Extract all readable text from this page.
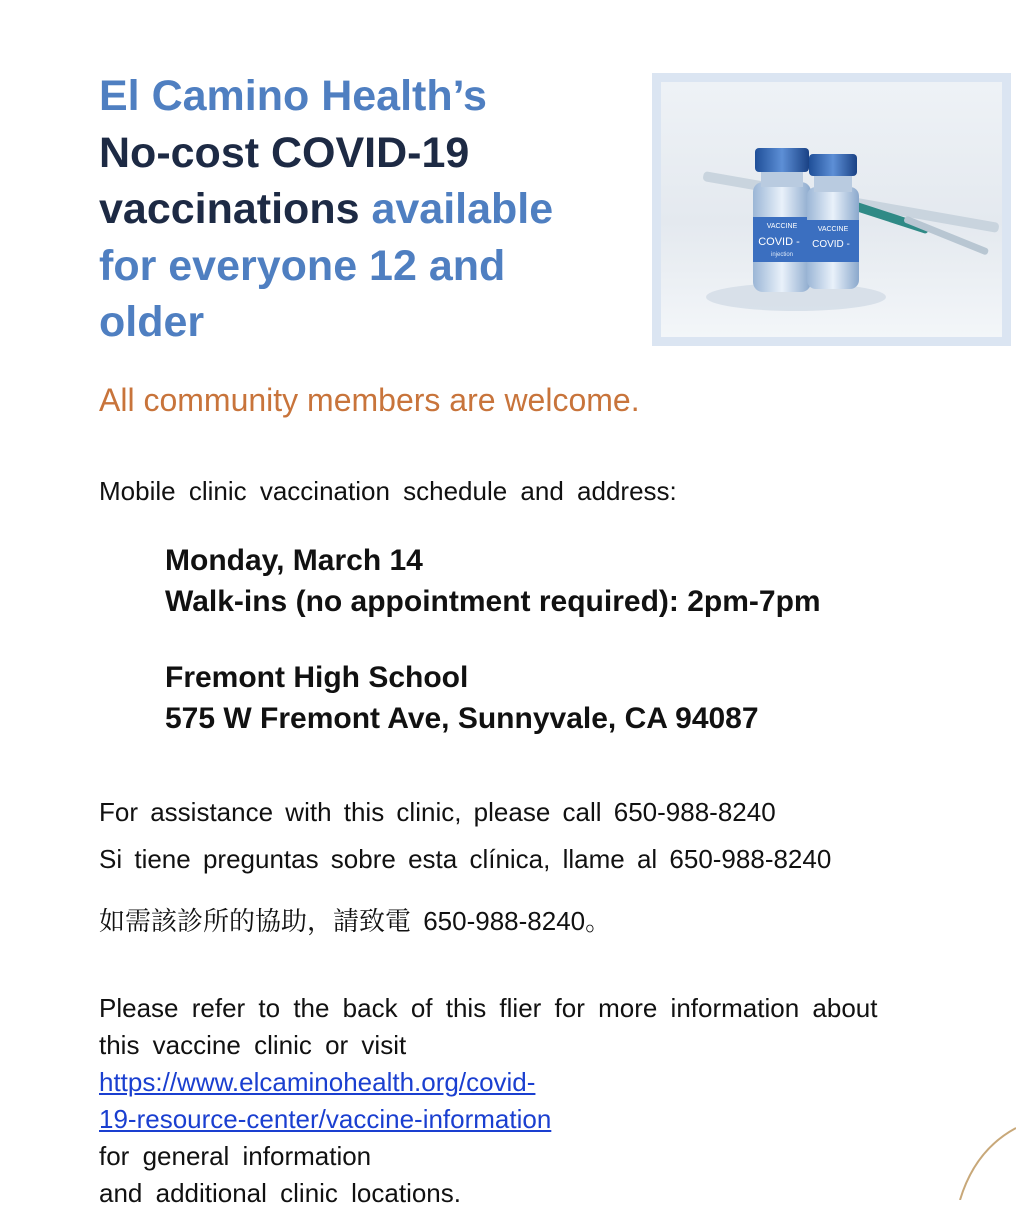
El Camino Health’s
No-cost COVID-19
vaccinations available
for everyone 12 and
older
VACCINE
COVID -
injection
VACCINE
COVID -
All community members are welcome.
Mobile clinic vaccination schedule and address:
Monday, March 14
Walk-ins (no appointment required): 2pm-7pm
Fremont High School
575 W Fremont Ave, Sunnyvale, CA 94087
For assistance with this clinic, please call 650-988-8240
Si tiene preguntas sobre esta clínica, llame al 650-988-8240
如需該診所的協助，請致電 650-988-8240。
Please refer to the back of this flier for more information about
this vaccine clinic or visit
https://www.elcaminohealth.org/covid-
19-resource-center/vaccine-information
for general information
and additional clinic locations.
